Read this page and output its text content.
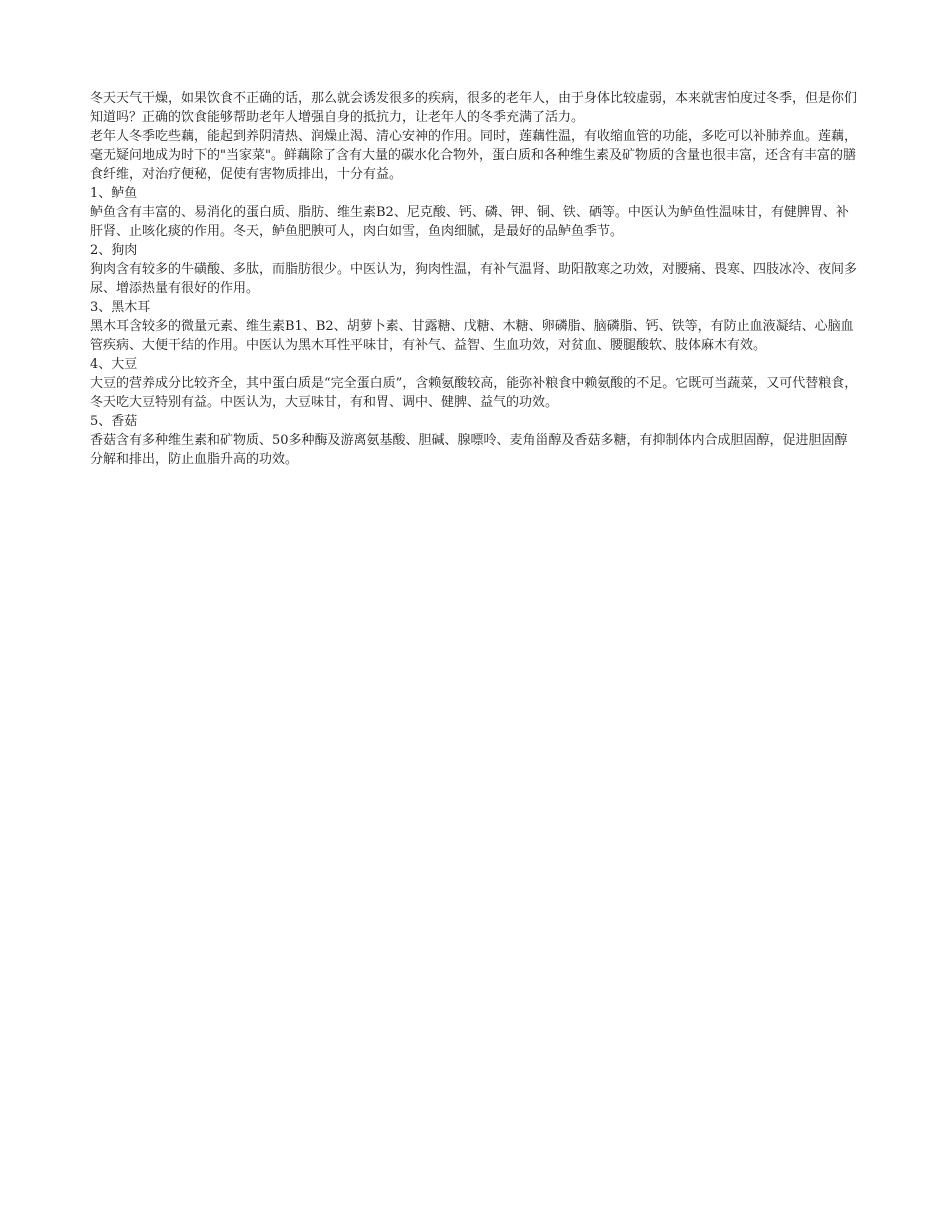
冬天天气干燥，如果饮食不正确的话，那么就会诱发很多的疾病，很多的老年人，由于身体比较虚弱，本来就害怕度过冬季，但是你们知道吗？正确的饮食能够帮助老年人增强自身的抵抗力，让老年人的冬季充满了活力。

老年人冬季吃些藕，能起到养阴清热、润燥止渴、清心安神的作用。同时，莲藕性温，有收缩血管的功能，多吃可以补肺养血。莲藕，毫无疑问地成为时下的"当家菜"。鲜藕除了含有大量的碳水化合物外，蛋白质和各种维生素及矿物质的含量也很丰富，还含有丰富的膳食纤维，对治疗便秘，促使有害物质排出，十分有益。

1、鲈鱼

鲈鱼含有丰富的、易消化的蛋白质、脂肪、维生素B2、尼克酸、钙、磷、钾、铜、铁、硒等。中医认为鲈鱼性温味甘，有健脾胃、补肝肾、止咳化痰的作用。冬天，鲈鱼肥腴可人，肉白如雪，鱼肉细腻，是最好的品鲈鱼季节。

2、狗肉

狗肉含有较多的牛磺酸、多肽，而脂肪很少。中医认为，狗肉性温，有补气温肾、助阳散寒之功效，对腰痛、畏寒、四肢冰冷、夜间多尿、增添热量有很好的作用。

3、黑木耳

黑木耳含较多的微量元素、维生素B1、B2、胡萝卜素、甘露糖、戊糖、木糖、卵磷脂、脑磷脂、钙、铁等，有防止血液凝结、心脑血管疾病、大便干结的作用。中医认为黑木耳性平味甘，有补气、益智、生血功效，对贫血、腰腿酸软、肢体麻木有效。

4、大豆

大豆的营养成分比较齐全，其中蛋白质是“完全蛋白质”，含赖氨酸较高，能弥补粮食中赖氨酸的不足。它既可当蔬菜，又可代替粮食，冬天吃大豆特别有益。中医认为，大豆味甘，有和胃、调中、健脾、益气的功效。

5、香菇

香菇含有多种维生素和矿物质、50多种酶及游离氨基酸、胆碱、腺嘌呤、麦角甾醇及香菇多糖，有抑制体内合成胆固醇，促进胆固醇分解和排出，防止血脂升高的功效。
